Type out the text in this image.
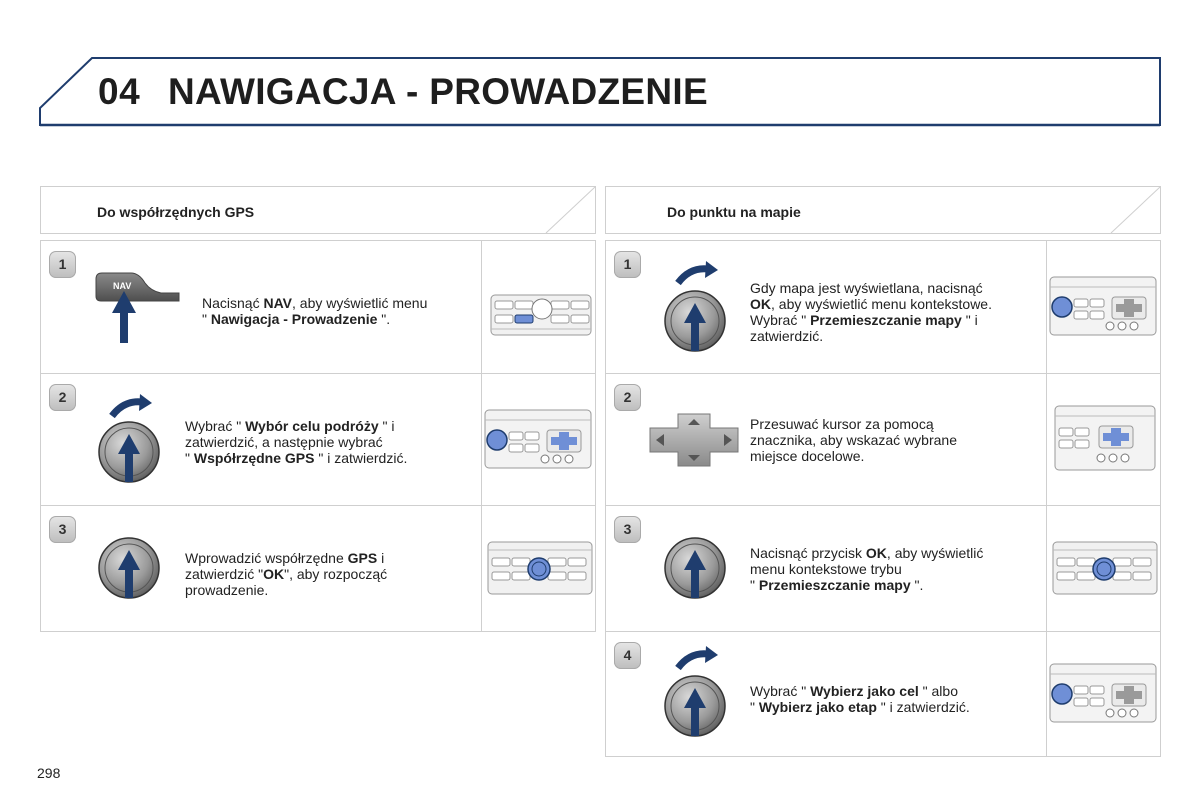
04 NAWIGACJA - PROWADZENIE
Do współrzędnych GPS
1
NAV
Nacisnąć NAV, aby wyświetlić menu
" Nawigacja - Prowadzenie ".
2
Wybrać " Wybór celu podróży " i
zatwierdzić, a następnie wybrać
" Współrzędne GPS " i zatwierdzić.
3
Wprowadzić współrzędne GPS i
zatwierdzić "OK", aby rozpocząć
prowadzenie.
Do punktu na mapie
1
Gdy mapa jest wyświetlana, nacisnąć
OK, aby wyświetlić menu kontekstowe.
Wybrać " Przemieszczanie mapy " i
zatwierdzić.
2
Przesuwać kursor za pomocą
znacznika, aby wskazać wybrane
miejsce docelowe.
3
Nacisnąć przycisk OK, aby wyświetlić
menu kontekstowe trybu
" Przemieszczanie mapy ".
4
Wybrać " Wybierz jako cel " albo
" Wybierz jako etap " i zatwierdzić.
298
